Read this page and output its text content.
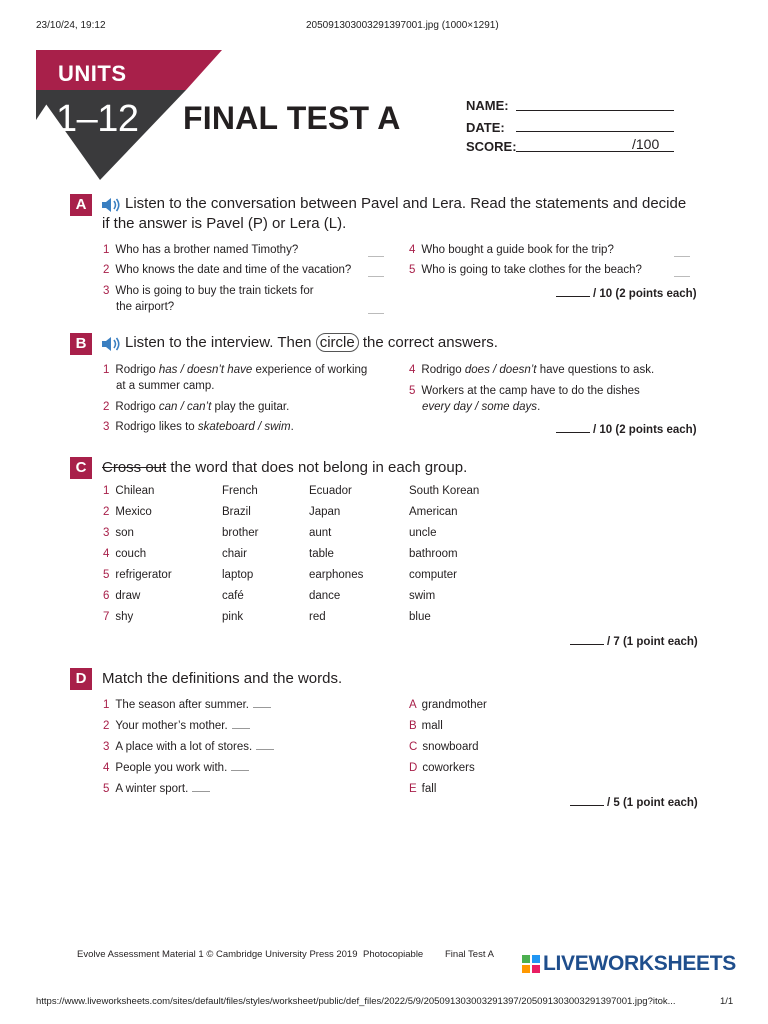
23/10/24, 19:12	205091303003291397001.jpg (1000×1291)
UNITS
1–12 FINAL TEST A	NAME:
DATE:
SCORE:	/100
A	Listen to the conversation between Pavel and Lera. Read the statements and decide
if the answer is Pavel (P) or Lera (L).
1 Who has a brother named Timothy?
2 Who knows the date and time of the vacation?
3 Who is going to buy the train tickets for
the airport?
4 Who bought a guide book for the trip?
5 Who is going to take clothes for the beach?
/ 10 (2 points each)
B	Listen to the interview. Then circle the correct answers.
1 Rodrigo has / doesn’t have experience of working
at a summer camp.
2 Rodrigo can / can’t play the guitar.
3 Rodrigo likes to skateboard / swim.
4 Rodrigo does / doesn’t have questions to ask.
5 Workers at the camp have to do the dishes
every day / some days.
/ 10 (2 points each)
C	Cross out the word that does not belong in each group.
1 Chilean	French	Ecuador	South Korean
2 Mexico	Brazil	Japan	American
3 son	brother	aunt	uncle
4 couch	chair	table	bathroom
5 refrigerator	laptop	earphones	computer
6 draw	café	dance	swim
7 shy	pink	red	blue
/ 7 (1 point each)
D	Match the definitions and the words.
1 The season after summer.
2 Your mother’s mother.
3 A place with a lot of stores.
4 People you work with.
5 A winter sport.
A grandmother
B mall
C snowboard
D coworkers
E fall
/ 5 (1 point each)
Evolve Assessment Material 1 © Cambridge University Press 2019 Photocopiable Final Test A LIVEWORKSHEETS
https://www.liveworksheets.com/sites/default/files/styles/worksheet/public/def_files/2022/5/9/205091303003291397/205091303003291397001.jpg?itok...	1/1
